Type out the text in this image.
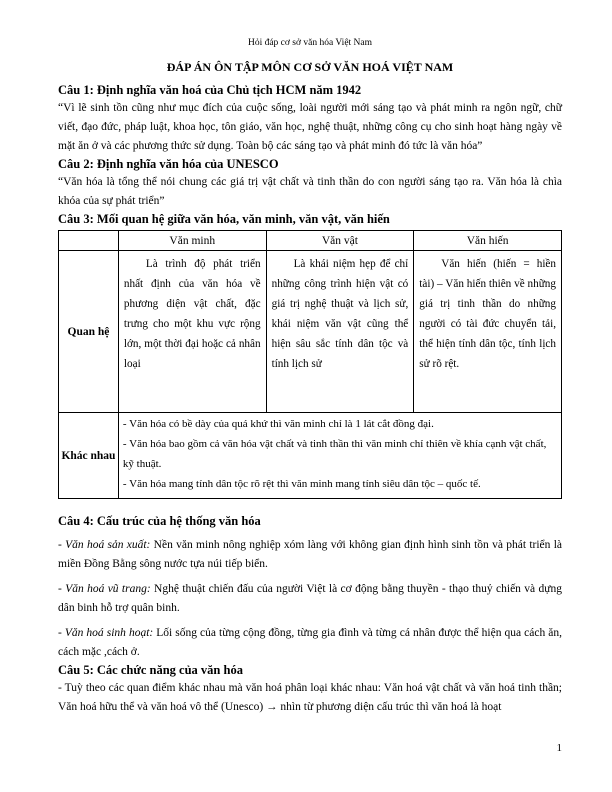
Hỏi đáp cơ sở văn hóa Việt Nam
ĐÁP ÁN ÔN TẬP MÔN CƠ SỞ VĂN HOÁ VIỆT NAM
Câu 1: Định nghĩa văn hoá của Chủ tịch HCM năm 1942

“Vì lẽ sinh tồn cũng như mục đích của cuộc sống, loài người mới sáng tạo và phát minh ra ngôn ngữ, chữ viết, đạo đức, pháp luật, khoa học, tôn giáo, văn học, nghệ thuật, những công cụ cho sinh hoạt hàng ngày về mặt ăn ở và các phương thức sử dụng. Toàn bộ các sáng tạo và phát minh đó tức là văn hóa”

Câu 2: Định nghĩa văn hóa của UNESCO

“Văn hóa là tổng thể nói chung các giá trị vật chất và tinh thần do con người sáng tạo ra. Văn hóa là chìa khóa của sự phát triển”

Câu 3: Mối quan hệ giữa văn hóa, văn minh, văn vật, văn hiến
	Văn minh	Văn vật	Văn hiến
Quan hệ	Là trình độ phát triển nhất định của văn hóa về phương diện vật chất, đặc trưng cho một khu vực rộng lớn, một thời đại hoặc cả nhân loại	Là khái niệm hẹp để chỉ những công trình hiện vật có giá trị nghệ thuật và lịch sử, khái niệm văn vật cũng thể hiện sâu sắc tính dân tộc và tính lịch sử	Văn hiến (hiến = hiền tài) – Văn hiến thiên về những giá trị tinh thần do những người có tài đức chuyển tải, thể hiện tính dân tộc, tính lịch sử rõ rệt.
Khác nhau	- Văn hóa có bề dày của quá khứ thì văn minh chỉ là 1 lát cắt đồng đại.
- Văn hóa bao gồm cả văn hóa vật chất và tinh thần thì văn minh chỉ thiên về khía cạnh vật chất, kỹ thuật.
- Văn hóa mang tính dân tộc rõ rệt thì văn minh mang tính siêu dân tộc – quốc tế.		
Câu 4: Cấu trúc của hệ thống văn hóa

- Văn hoá sản xuất: Nền văn minh nông nghiệp xóm làng với không gian định hình sinh tồn và phát triển là miền Đồng Bằng sông nước tựa núi tiếp biển.

- Văn hoá vũ trang: Nghệ thuật chiến đấu của người Việt là cơ động bằng thuyền - thạo thuỷ chiến và dựng dân binh hỗ trợ quân binh.

- Văn hoá sinh hoạt: Lối sống của từng cộng đồng, từng gia đình và từng cá nhân được thể hiện qua cách ăn, cách mặc ,cách ở.

Câu 5: Các chức năng của văn hóa

- Tuỳ theo các quan điểm khác nhau mà văn hoá phân loại khác nhau: Văn hoá vật chất và văn hoá tinh thần; Văn hoá hữu thể và văn hoá vô thể (Unesco) → nhìn từ phương diện cấu trúc thì văn hoá là hoạt

1
